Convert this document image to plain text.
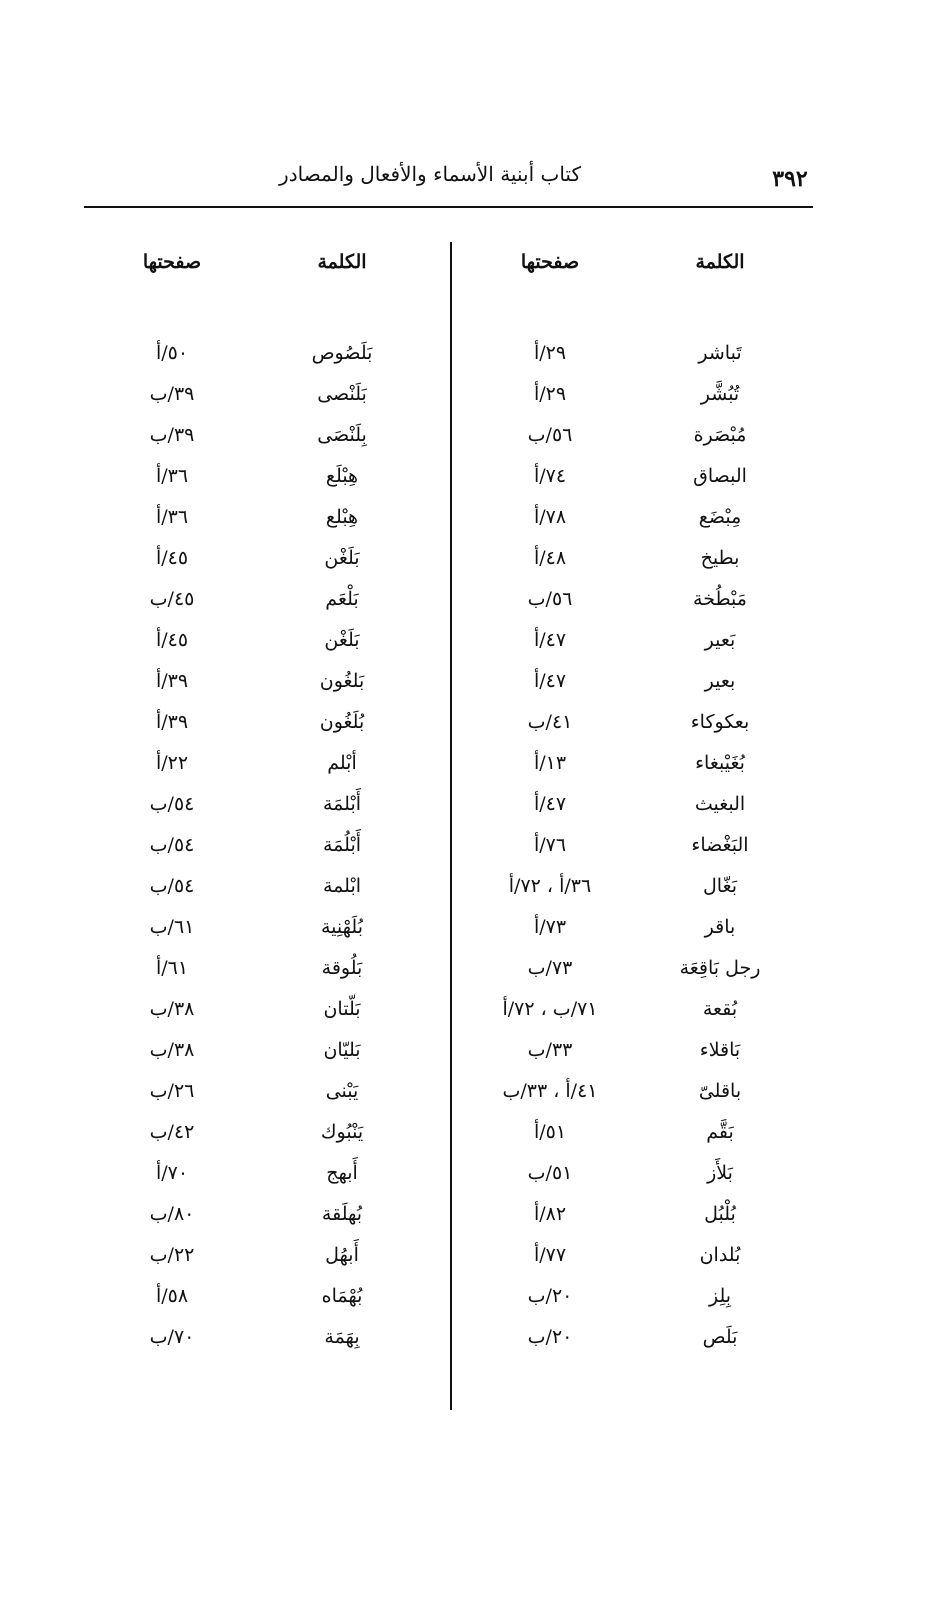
٣٩٢
كتاب أبنية الأسماء والأفعال والمصادر
صفحتها	الكلمة
٢٩/أ	تَباشر
٢٩/أ	تُبُشَّر
٥٦/ب	مُبْصَرة
٧٤/أ	البصاق
٧٨/أ	مِبْضَع
٤٨/أ	بطيخ
٥٦/ب	مَبْطُخة
٤٧/أ	بَعير
٤٧/أ	بعير
٤١/ب	بعكوكاء
١٣/أ	بُغَيْبغاء
٤٧/أ	البغيث
٧٦/أ	البَغْضاء
٣٦/أ ، ٧٢/أ	بَغّال
٧٣/أ	باقر
٧٣/ب	رجل بَاقِعَة
٧١/ب ، ٧٢/أ	بُقعة
٣٣/ب	بَاقلاء
٤١/أ ، ٣٣/ب	باقلىّ
٥١/أ	بَقَّم
٥١/ب	بَلأَز
٨٢/أ	بُلْبُل
٧٧/أ	بُلدان
٢٠/ب	بِلِز
٢٠/ب	بَلَص
صفحتها	الكلمة
٥٠/أ	بَلَصُوص
٣٩/ب	بَلَنْصى
٣٩/ب	بِلَنْصَى
٣٦/أ	هِبْلَع
٣٦/أ	هِبْلع
٤٥/أ	بَلَغْن
٤٥/ب	بَلْعَم
٤٥/أ	بَلَغْن
٣٩/أ	بَلغُون
٣٩/أ	بُلَغُون
٢٢/أ	أبْلم
٥٤/ب	أَبْلمَة
٥٤/ب	أَبْلُمَة
٥٤/ب	ابْلمة
٦١/ب	بُلَهْنِية
٦١/أ	بَلُوقة
٣٨/ب	بَلّتان
٣٨/ب	بَليّان
٢٦/ب	يَبْنى
٤٢/ب	يَنْبُوك
٧٠/أ	أَبهج
٨٠/ب	بُهلَقة
٢٢/ب	أَبهُل
٥٨/أ	بُهْمَاه
٧٠/ب	بِهَمَة
